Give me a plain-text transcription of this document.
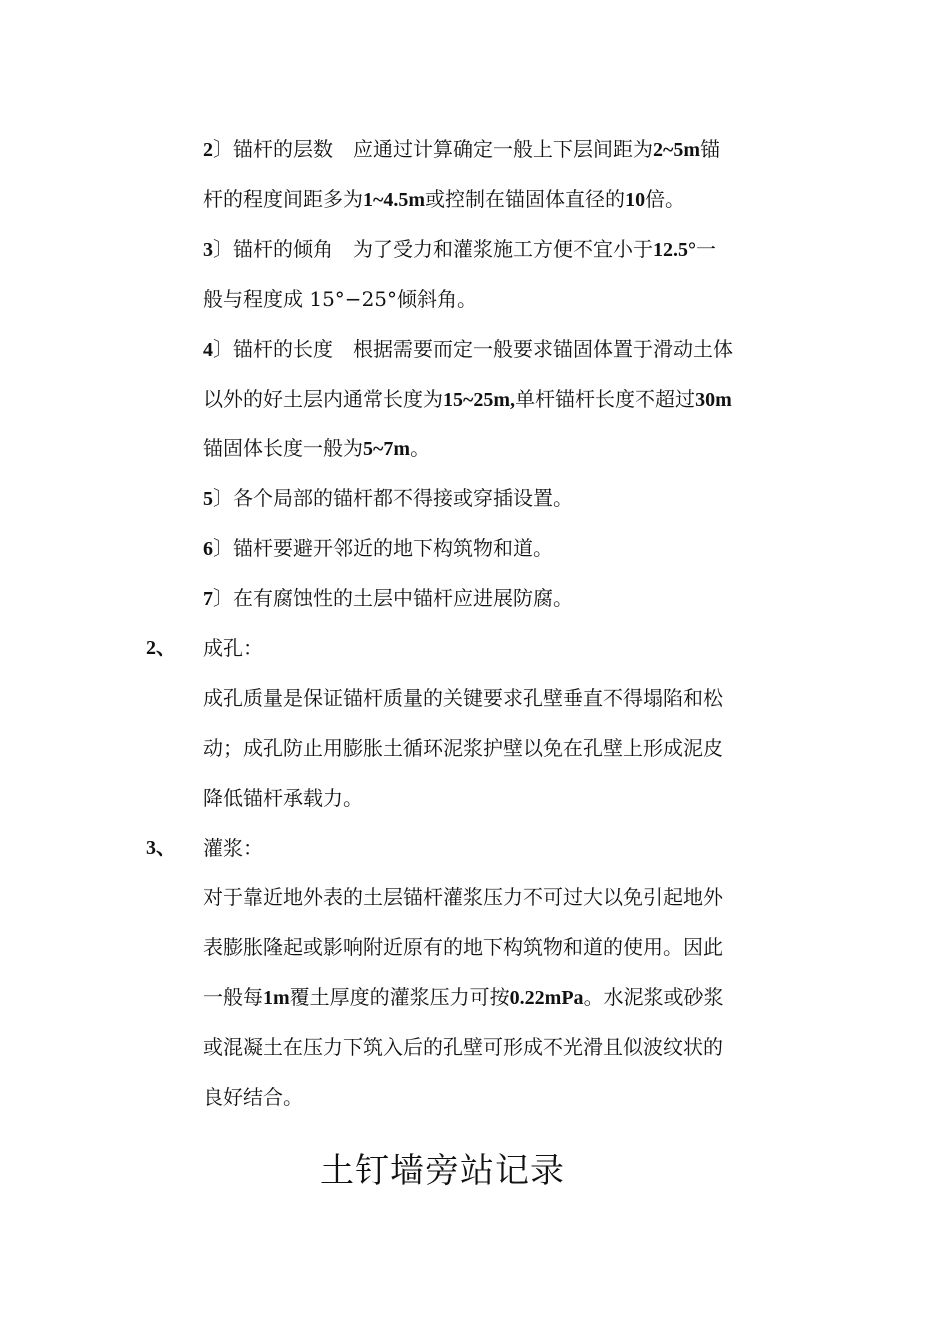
2〕锚杆的层数　应通过计算确定一般上下层间距为2~5m锚
杆的程度间距多为1~4.5m或控制在锚固体直径的10倍。
3〕锚杆的倾角　为了受力和灌浆施工方便不宜小于12.5°一
般与程度成 15°−25°倾斜角。
4〕锚杆的长度　根据需要而定一般要求锚固体置于滑动土体
以外的好土层内通常长度为15~25m,单杆锚杆长度不超过30m
锚固体长度一般为5~7m。
5〕各个局部的锚杆都不得接或穿插设置。
6〕锚杆要避开邻近的地下构筑物和道。
7〕在有腐蚀性的土层中锚杆应进展防腐。
2、 成孔：
成孔质量是保证锚杆质量的关键要求孔壁垂直不得塌陷和松
动；成孔防止用膨胀土循环泥浆护壁以免在孔壁上形成泥皮
降低锚杆承载力。
3、 灌浆：
对于靠近地外表的土层锚杆灌浆压力不可过大以免引起地外
表膨胀隆起或影响附近原有的地下构筑物和道的使用。因此
一般每1m覆土厚度的灌浆压力可按0.22mPa。水泥浆或砂浆
或混凝土在压力下筑入后的孔壁可形成不光滑且似波纹状的
良好结合。
土钉墙旁站记录
